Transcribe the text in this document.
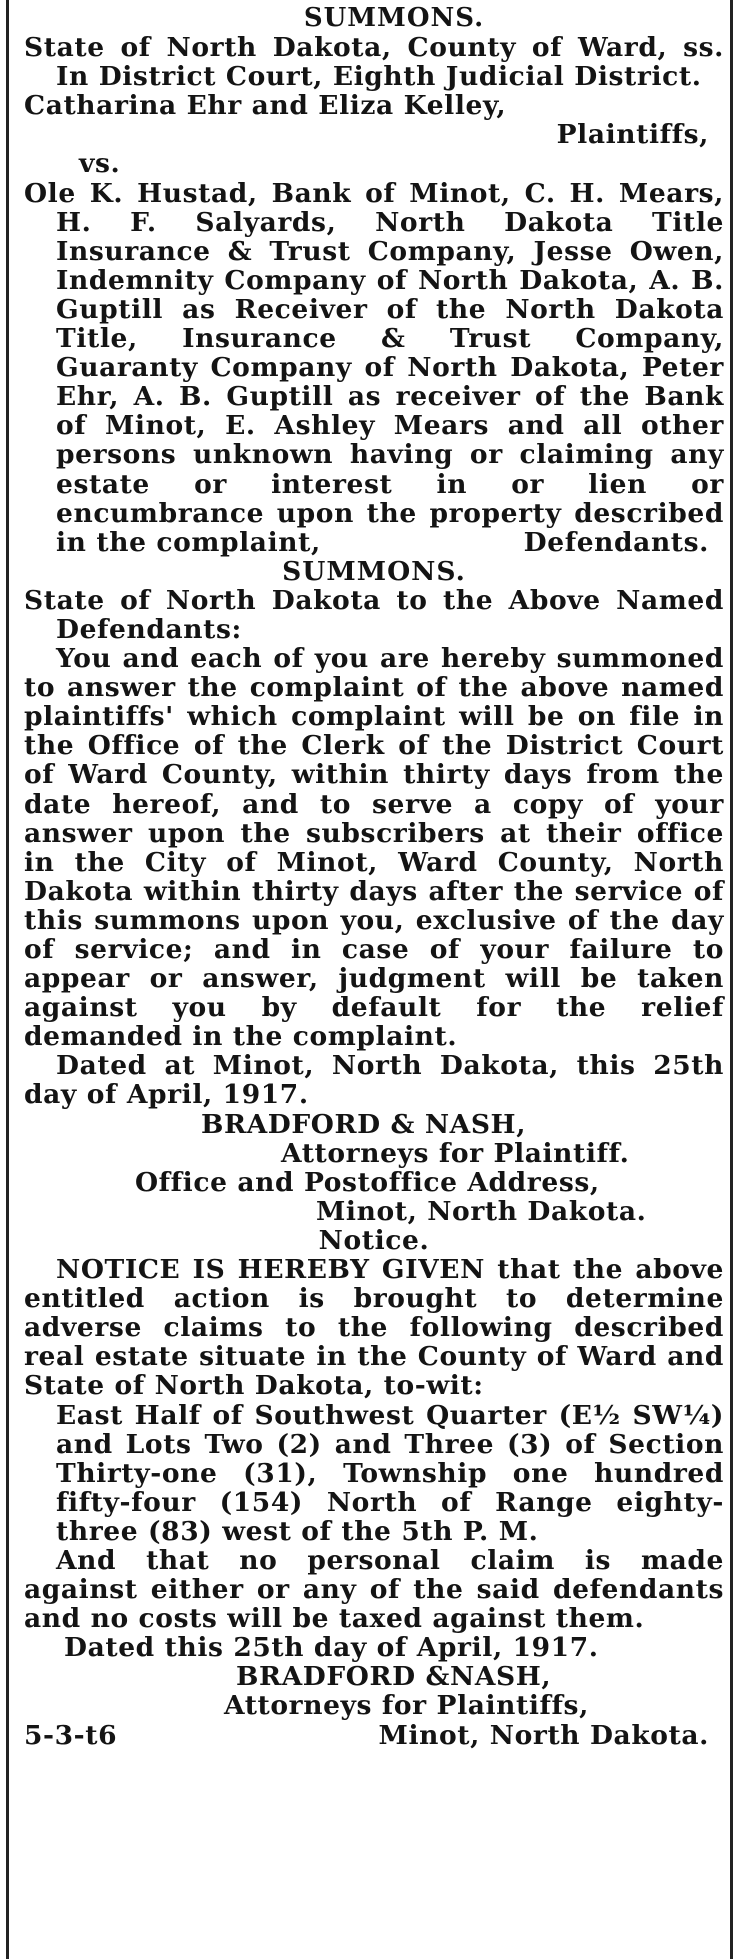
SUMMONS.

State of North Dakota, County of Ward, ss. In District Court, Eighth Judicial District.

Catharina Ehr and Eliza Kelley,

Plaintiffs,

vs.

Ole K. Hustad, Bank of Minot, C. H. Mears, H. F. Salyards, North Dakota Title Insurance & Trust Company, Jesse Owen, Indemnity Company of North Dakota, A. B. Guptill as Receiver of the North Dakota Title, Insurance & Trust Company, Guaranty Company of North Dakota, Peter Ehr, A. B. Guptill as receiver of the Bank of Minot, E. Ashley Mears and all other persons unknown having or claiming any estate or interest in or lien or encumbrance upon the property described in the complaint,	Defendants.

SUMMONS.

State of North Dakota to the Above Named Defendants:

You and each of you are hereby summoned to answer the complaint of the above named plaintiffs' which complaint will be on file in the Office of the Clerk of the District Court of Ward County, within thirty days from the date hereof, and to serve a copy of your answer upon the subscribers at their office in the City of Minot, Ward County, North Dakota within thirty days after the service of this summons upon you, exclusive of the day of service; and in case of your failure to appear or answer, judgment will be taken against you by default for the relief demanded in the complaint.

Dated at Minot, North Dakota, this 25th day of April, 1917.

BRADFORD & NASH,

Attorneys for Plaintiff.

Office and Postoffice Address,

Minot, North Dakota.

Notice.

NOTICE IS HEREBY GIVEN that the above entitled action is brought to determine adverse claims to the following described real estate situate in the County of Ward and State of North Dakota, to-wit:

East Half of Southwest Quarter (E½ SW¼) and Lots Two (2) and Three (3) of Section Thirty-one (31), Township one hundred fifty-four (154) North of Range eighty-three (83) west of the 5th P. M.

And that no personal claim is made against either or any of the said defendants and no costs will be taxed against them.

Dated this 25th day of April, 1917.

BRADFORD &NASH,

Attorneys for Plaintiffs,

5-3-t6	Minot, North Dakota.
